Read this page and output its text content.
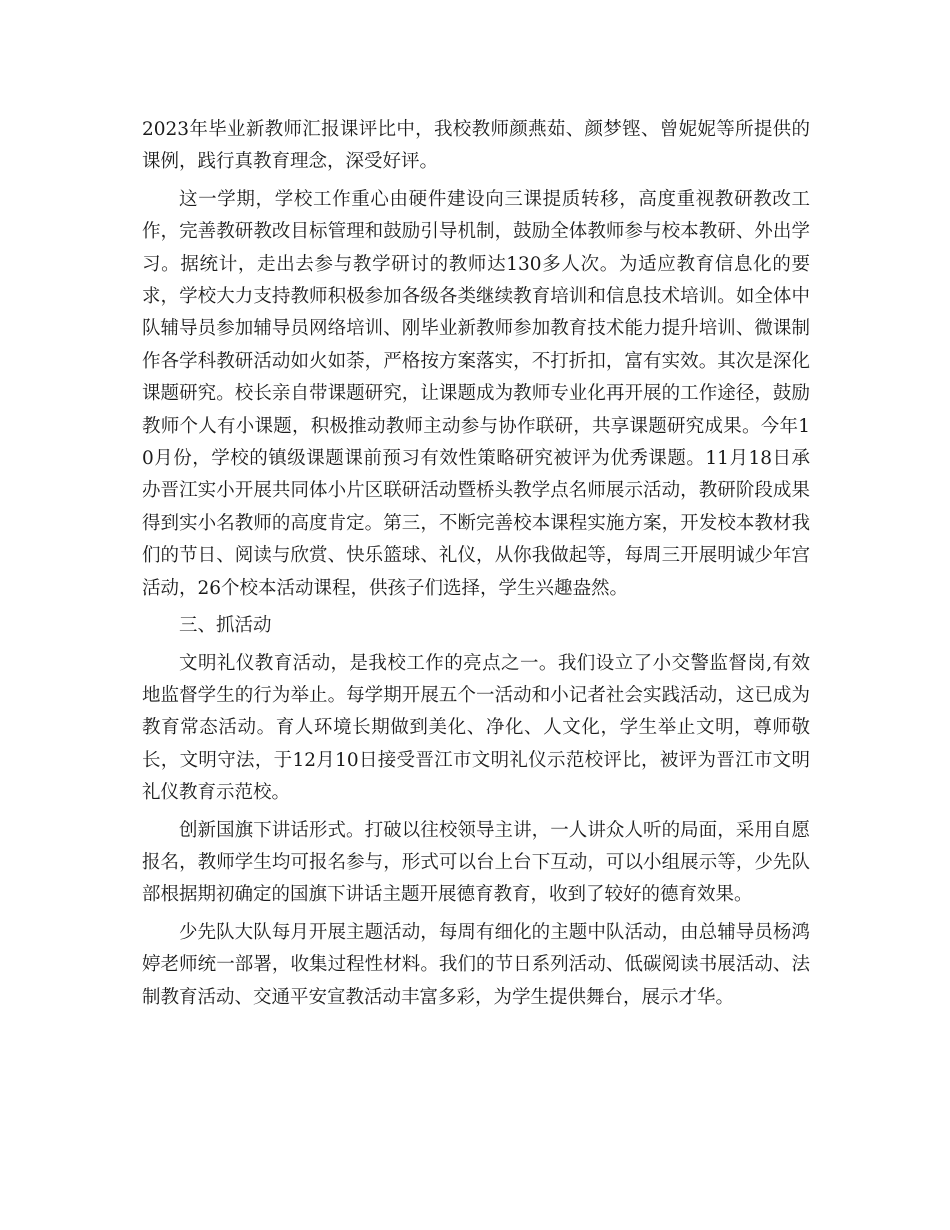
2023年毕业新教师汇报课评比中，我校教师颜燕茹、颜梦铿、曾妮妮等所提供的课例，践行真教育理念，深受好评。

这一学期，学校工作重心由硬件建设向三课提质转移，高度重视教研教改工作，完善教研教改目标管理和鼓励引导机制，鼓励全体教师参与校本教研、外出学习。据统计，走出去参与教学研讨的教师达130多人次。为适应教育信息化的要求，学校大力支持教师积极参加各级各类继续教育培训和信息技术培训。如全体中队辅导员参加辅导员网络培训、刚毕业新教师参加教育技术能力提升培训、微课制作各学科教研活动如火如荼，严格按方案落实，不打折扣，富有实效。其次是深化课题研究。校长亲自带课题研究，让课题成为教师专业化再开展的工作途径，鼓励教师个人有小课题，积极推动教师主动参与协作联研，共享课题研究成果。今年10月份，学校的镇级课题课前预习有效性策略研究被评为优秀课题。11月18日承办晋江实小开展共同体小片区联研活动暨桥头教学点名师展示活动，教研阶段成果得到实小名教师的高度肯定。第三，不断完善校本课程实施方案，开发校本教材我们的节日、阅读与欣赏、快乐篮球、礼仪，从你我做起等，每周三开展明诚少年宫活动，26个校本活动课程，供孩子们选择，学生兴趣盎然。

三、抓活动

文明礼仪教育活动，是我校工作的亮点之一。我们设立了小交警监督岗,有效地监督学生的行为举止。每学期开展五个一活动和小记者社会实践活动，这已成为教育常态活动。育人环境长期做到美化、净化、人文化，学生举止文明，尊师敬长，文明守法，于12月10日接受晋江市文明礼仪示范校评比，被评为晋江市文明礼仪教育示范校。

创新国旗下讲话形式。打破以往校领导主讲，一人讲众人听的局面，采用自愿报名，教师学生均可报名参与，形式可以台上台下互动，可以小组展示等，少先队部根据期初确定的国旗下讲话主题开展德育教育，收到了较好的德育效果。

少先队大队每月开展主题活动，每周有细化的主题中队活动，由总辅导员杨鸿婷老师统一部署，收集过程性材料。我们的节日系列活动、低碳阅读书展活动、法制教育活动、交通平安宣教活动丰富多彩，为学生提供舞台，展示才华。
